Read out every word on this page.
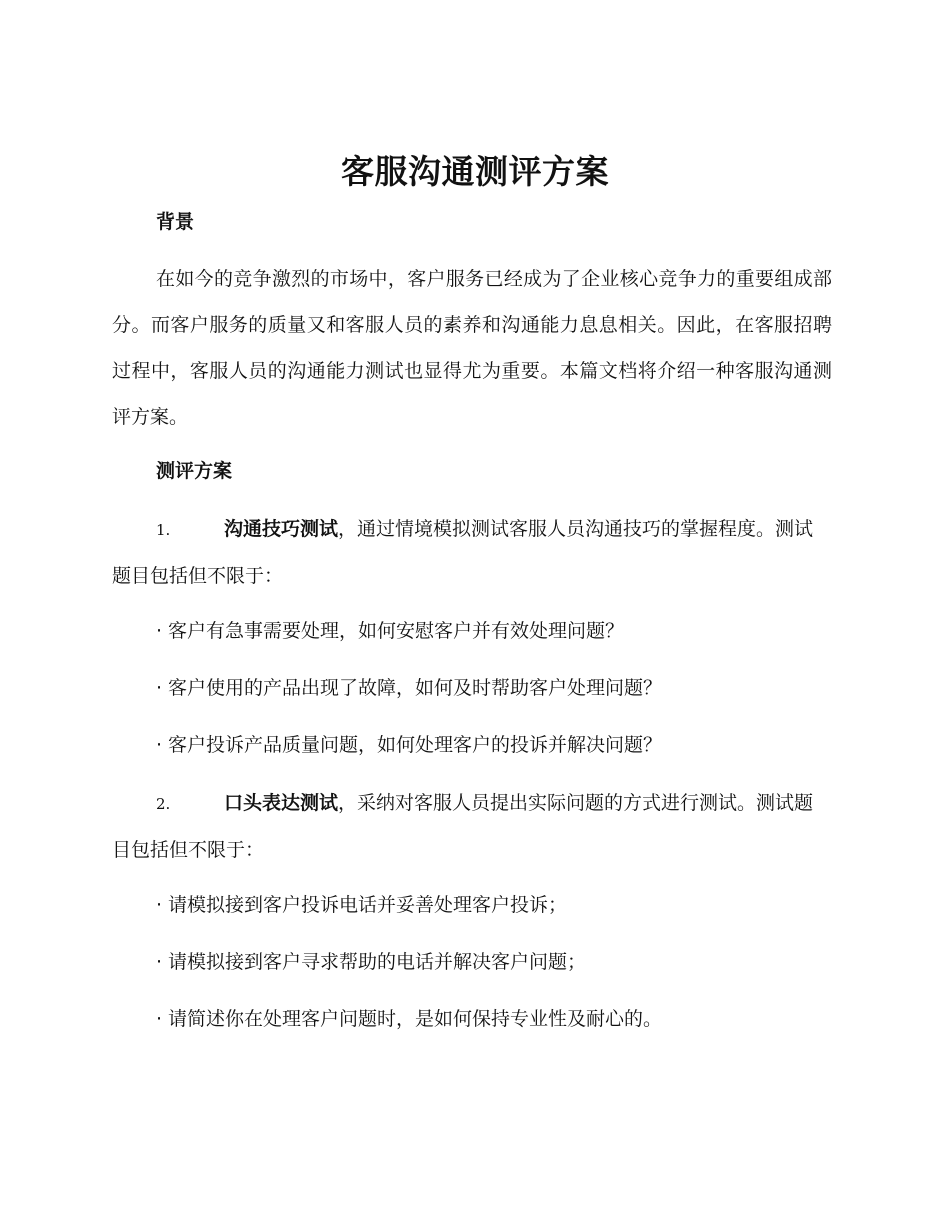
客服沟通测评方案
背景
在如今的竞争激烈的市场中，客户服务已经成为了企业核心竞争力的重要组成部分。而客户服务的质量又和客服人员的素养和沟通能力息息相关。因此，在客服招聘过程中，客服人员的沟通能力测试也显得尤为重要。本篇文档将介绍一种客服沟通测评方案。
测评方案
1.	沟通技巧测试，通过情境模拟测试客服人员沟通技巧的掌握程度。测试题目包括但不限于：
· 客户有急事需要处理，如何安慰客户并有效处理问题？
· 客户使用的产品出现了故障，如何及时帮助客户处理问题？
· 客户投诉产品质量问题，如何处理客户的投诉并解决问题？
2.	口头表达测试，采纳对客服人员提出实际问题的方式进行测试。测试题目包括但不限于：
· 请模拟接到客户投诉电话并妥善处理客户投诉；
· 请模拟接到客户寻求帮助的电话并解决客户问题；
· 请简述你在处理客户问题时，是如何保持专业性及耐心的。
